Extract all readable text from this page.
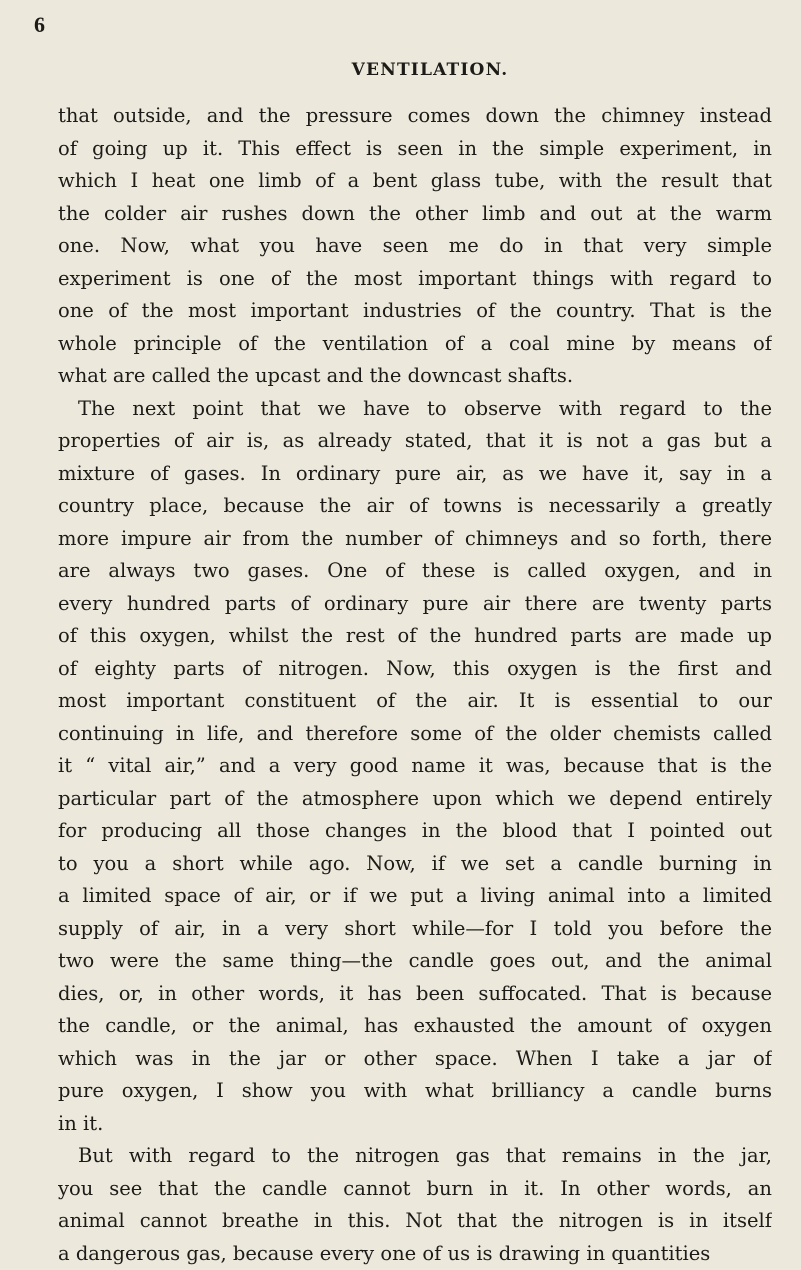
6
VENTILATION.
that outside, and the pressure comes down the chimney instead
of going up it. This effect is seen in the simple experiment, in
which I heat one limb of a bent glass tube, with the result that
the colder air rushes down the other limb and out at the warm
one. Now, what you have seen me do in that very simple
experiment is one of the most important things with regard to
one of the most important industries of the country. That is the
whole principle of the ventilation of a coal mine by means of
what are called the upcast and the downcast shafts.
The next point that we have to observe with regard to the
properties of air is, as already stated, that it is not a gas but a
mixture of gases. In ordinary pure air, as we have it, say in a
country place, because the air of towns is necessarily a greatly
more impure air from the number of chimneys and so forth, there
are always two gases. One of these is called oxygen, and in
every hundred parts of ordinary pure air there are twenty parts
of this oxygen, whilst the rest of the hundred parts are made up
of eighty parts of nitrogen. Now, this oxygen is the first and
most important constituent of the air. It is essential to our
continuing in life, and therefore some of the older chemists called
it “ vital air,” and a very good name it was, because that is the
particular part of the atmosphere upon which we depend entirely
for producing all those changes in the blood that I pointed out
to you a short while ago. Now, if we set a candle burning in
a limited space of air, or if we put a living animal into a limited
supply of air, in a very short while—for I told you before the
two were the same thing—the candle goes out, and the animal
dies, or, in other words, it has been suffocated. That is because
the candle, or the animal, has exhausted the amount of oxygen
which was in the jar or other space. When I take a jar of
pure oxygen, I show you with what brilliancy a candle burns
in it.
But with regard to the nitrogen gas that remains in the jar,
you see that the candle cannot burn in it. In other words, an
animal cannot breathe in this. Not that the nitrogen is in itself
a dangerous gas, because every one of us is drawing in quantities
